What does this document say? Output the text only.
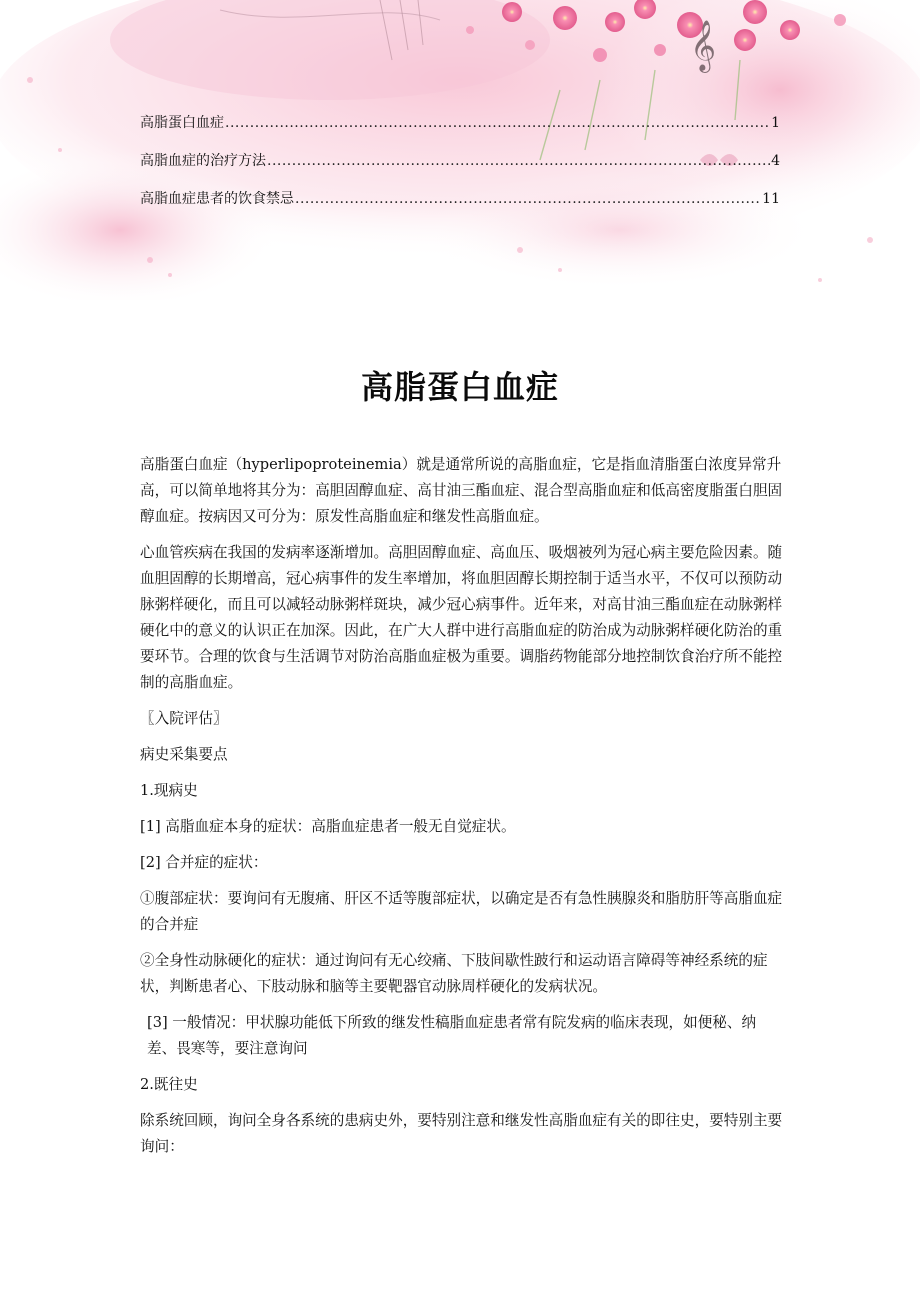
𝄞
高脂蛋白血症 .....	1
高脂血症的治疗方法 .....	4
高脂血症患者的饮食禁忌 .....	11
高脂蛋白血症

高脂蛋白血症（hyperlipoproteinemia）就是通常所说的高脂血症，它是指血清脂蛋白浓度异常升高，可以简单地将其分为：高胆固醇血症、高甘油三酯血症、混合型高脂血症和低高密度脂蛋白胆固醇血症。按病因又可分为：原发性高脂血症和继发性高脂血症。

心血管疾病在我国的发病率逐渐增加。高胆固醇血症、高血压、吸烟被列为冠心病主要危险因素。随血胆固醇的长期增高，冠心病事件的发生率增加，将血胆固醇长期控制于适当水平，不仅可以预防动脉粥样硬化，而且可以减轻动脉粥样斑块，减少冠心病事件。近年来，对高甘油三酯血症在动脉粥样硬化中的意义的认识正在加深。因此，在广大人群中进行高脂血症的防治成为动脉粥样硬化防治的重要环节。合理的饮食与生活调节对防治高脂血症极为重要。调脂药物能部分地控制饮食治疗所不能控制的高脂血症。

〖入院评估〗

病史采集要点

1.现病史

[1] 高脂血症本身的症状：高脂血症患者一般无自觉症状。

[2] 合并症的症状：

①腹部症状：要询问有无腹痛、肝区不适等腹部症状，以确定是否有急性胰腺炎和脂肪肝等高脂血症的合并症

②全身性动脉硬化的症状：通过询问有无心绞痛、下肢间歇性跛行和运动语言障碍等神经系统的症状，判断患者心、下肢动脉和脑等主要靶器官动脉周样硬化的发病状况。

[3] 一般情况：甲状腺功能低下所致的继发性稿脂血症患者常有院发病的临床表现，如便秘、纳差、畏寒等，要注意询问

2.既往史

除系统回顾，询问全身各系统的患病史外，要特别注意和继发性高脂血症有关的即往史，要特别主要询问：
